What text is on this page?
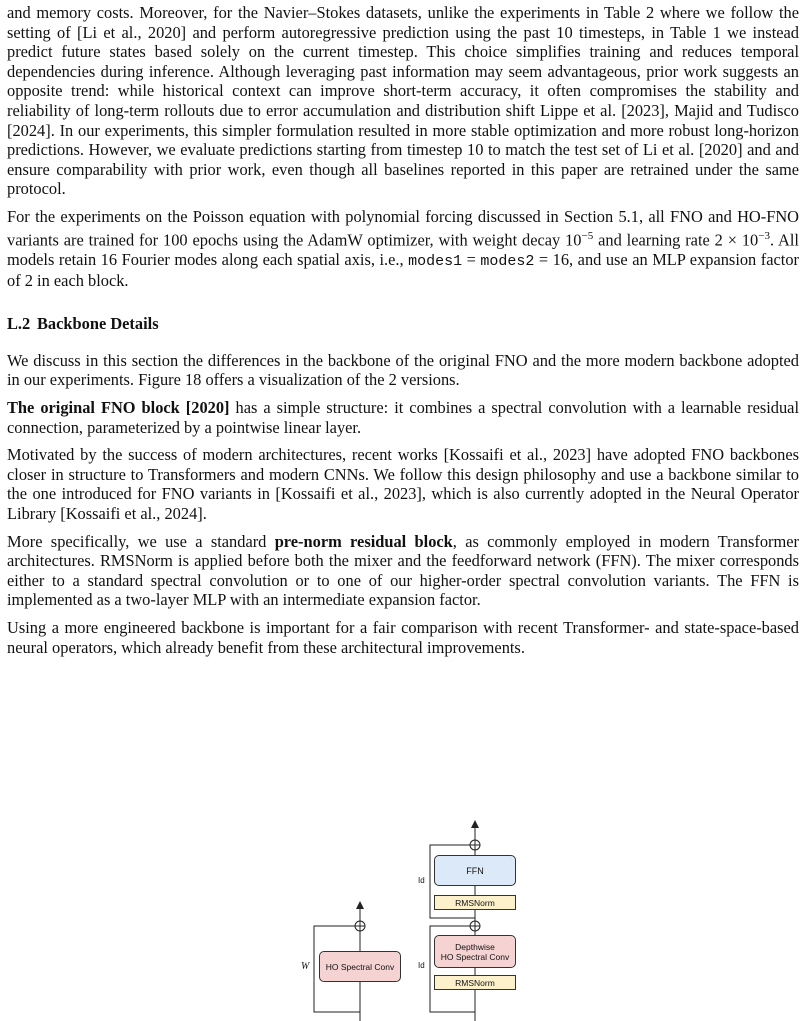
and memory costs. Moreover, for the Navier–Stokes datasets, unlike the experiments in Table 2 where we follow the setting of [Li et al., 2020] and perform autoregressive prediction using the past 10 timesteps, in Table 1 we instead predict future states based solely on the current timestep. This choice simplifies training and reduces temporal dependencies during inference. Although leveraging past information may seem advantageous, prior work suggests an opposite trend: while historical context can improve short-term accuracy, it often compromises the stability and reliability of long-term rollouts due to error accumulation and distribution shift Lippe et al. [2023], Majid and Tudisco [2024]. In our experiments, this simpler formulation resulted in more stable optimization and more robust long-horizon predictions. However, we evaluate predictions starting from timestep 10 to match the test set of Li et al. [2020] and and ensure comparability with prior work, even though all baselines reported in this paper are retrained under the same protocol.

For the experiments on the Poisson equation with polynomial forcing discussed in Section 5.1, all FNO and HO-FNO variants are trained for 100 epochs using the AdamW optimizer, with weight decay $10^{-5}$ and learning rate $2 \times 10^{-3}$. All models retain 16 Fourier modes along each spatial axis, i.e., modes1 = modes2 = 16, and use an MLP expansion factor of 2 in each block.

L.2 Backbone Details

We discuss in this section the differences in the backbone of the original FNO and the more modern backbone adopted in our experiments. Figure 18 offers a visualization of the 2 versions.

The original FNO block [2020] has a simple structure: it combines a spectral convolution with a learnable residual connection, parameterized by a pointwise linear layer.

Motivated by the success of modern architectures, recent works [Kossaifi et al., 2023] have adopted FNO backbones closer in structure to Transformers and modern CNNs. We follow this design philosophy and use a backbone similar to the one introduced for FNO variants in [Kossaifi et al., 2023], which is also currently adopted in the Neural Operator Library [Kossaifi et al., 2024].

More specifically, we use a standard pre-norm residual block, as commonly employed in modern Transformer architectures. RMSNorm is applied before both the mixer and the feedforward network (FFN). The mixer corresponds either to a standard spectral convolution or to one of our higher-order spectral convolution variants. The FFN is implemented as a two-layer MLP with an intermediate expansion factor.

Using a more engineered backbone is important for a fair comparison with recent Transformer- and state-space-based neural operators, which already benefit from these architectural improvements.

HO Spectral Conv
W
FFN
RMSNorm
Depthwise
HO Spectral Conv
RMSNorm
Id
Id
